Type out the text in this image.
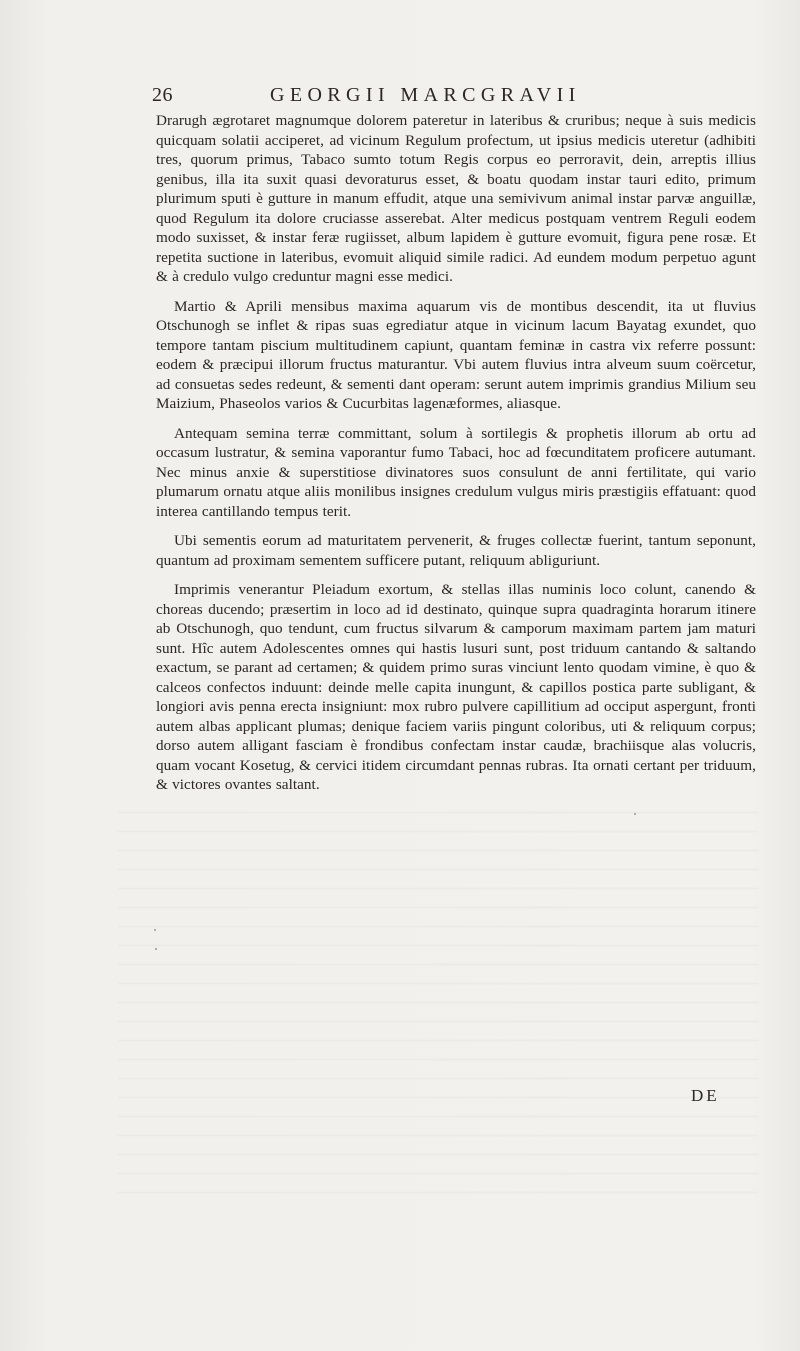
26	GEORGII MARCGRAVII

Drarugh ægrotaret magnumque dolorem pateretur in lateribus & cruribus; neque à suis medicis quicquam solatii acciperet, ad vicinum Regulum profectum, ut ipsius medicis uteretur (adhibiti tres, quorum primus, Tabaco sumto totum Regis corpus eo perroravit, dein, arreptis illius genibus, illa ita suxit quasi devoraturus esset, & boatu quodam instar tauri edito, primum plurimum sputi è gutture in manum effudit, atque una semivivum animal instar parvæ anguillæ, quod Regulum ita dolore cruciasse asserebat. Alter medicus postquam ventrem Reguli eodem modo suxisset, & instar feræ rugiisset, album lapidem è gutture evomuit, figura pene rosæ. Et repetita suctione in lateribus, evomuit aliquid simile radici. Ad eundem modum perpetuo agunt & à credulo vulgo creduntur magni esse medici.

Martio & Aprili mensibus maxima aquarum vis de montibus descendit, ita ut fluvius Otschunogh se inflet & ripas suas egrediatur atque in vicinum lacum Bayatag exundet, quo tempore tantam piscium multitudinem capiunt, quantam feminæ in castra vix referre possunt: eodem & præcipui illorum fructus maturantur. Vbi autem fluvius intra alveum suum coërcetur, ad consuetas sedes redeunt, & sementi dant operam: serunt autem imprimis grandius Milium seu Maizium, Phaseolos varios & Cucurbitas lagenæformes, aliasque.

Antequam semina terræ committant, solum à sortilegis & prophetis illorum ab ortu ad occasum lustratur, & semina vaporantur fumo Tabaci, hoc ad fœcunditatem proficere autumant. Nec minus anxie & superstitiose divinatores suos consulunt de anni fertilitate, qui vario plumarum ornatu atque aliis monilibus insignes credulum vulgus miris præstigiis effatuant: quod interea cantillando tempus terit.

Ubi sementis eorum ad maturitatem pervenerit, & fruges collectæ fuerint, tantum seponunt, quantum ad proximam sementem sufficere putant, reliquum abliguriunt.

Imprimis venerantur Pleiadum exortum, & stellas illas numinis loco colunt, canendo & choreas ducendo; præsertim in loco ad id destinato, quinque supra quadraginta horarum itinere ab Otschunogh, quo tendunt, cum fructus silvarum & camporum maximam partem jam maturi sunt. Hîc autem Adolescentes omnes qui hastis lusuri sunt, post triduum cantando & saltando exactum, se parant ad certamen; & quidem primo suras vinciunt lento quodam vimine, è quo & calceos confectos induunt: deinde melle capita inungunt, & capillos postica parte subligant, & longiori avis penna erecta insigniunt: mox rubro pulvere capillitium ad occiput aspergunt, fronti autem albas applicant plumas; denique faciem variis pingunt coloribus, uti & reliquum corpus; dorso autem alligant fasciam è frondibus confectam instar caudæ, brachiisque alas volucris, quam vocant Kosetug, & cervici itidem circumdant pennas rubras. Ita ornati certant per triduum, & victores ovantes saltant.

DE
